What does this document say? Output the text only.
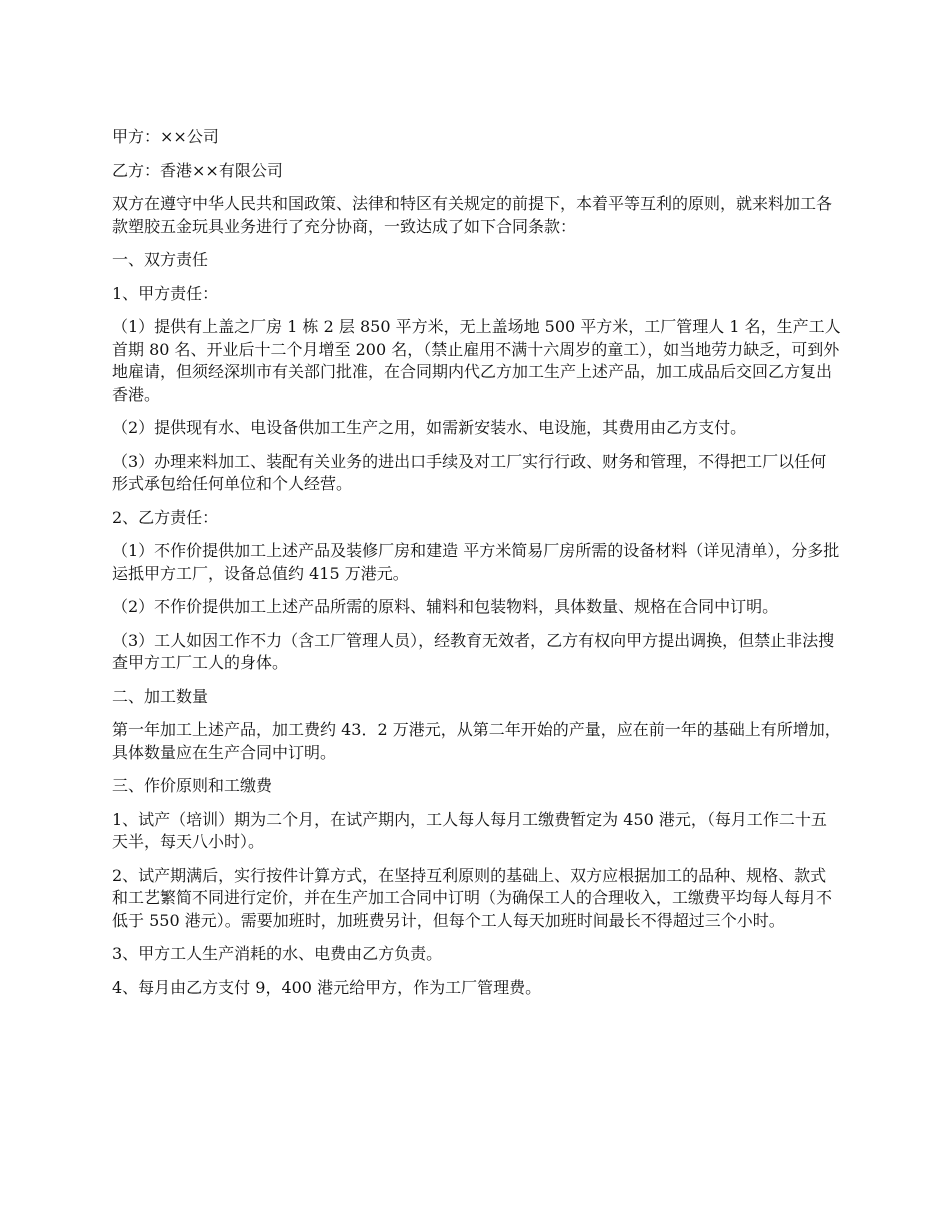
甲方：××公司

乙方：香港××有限公司

双方在遵守中华人民共和国政策、法律和特区有关规定的前提下，本着平等互利的原则，就来料加工各款塑胶五金玩具业务进行了充分协商，一致达成了如下合同条款：

一、双方责任

1、甲方责任：

（1）提供有上盖之厂房 1 栋 2 层 850 平方米，无上盖场地 500 平方米，工厂管理人 1 名，生产工人首期 80 名、开业后十二个月增至 200 名，（禁止雇用不满十六周岁的童工），如当地劳力缺乏，可到外地雇请，但须经深圳市有关部门批准，在合同期内代乙方加工生产上述产品，加工成品后交回乙方复出香港。

（2）提供现有水、电设备供加工生产之用，如需新安装水、电设施，其费用由乙方支付。

（3）办理来料加工、装配有关业务的进出口手续及对工厂实行行政、财务和管理，不得把工厂以任何形式承包给任何单位和个人经营。

2、乙方责任：

（1）不作价提供加工上述产品及装修厂房和建造 平方米简易厂房所需的设备材料（详见清单），分多批运抵甲方工厂，设备总值约 415 万港元。

（2）不作价提供加工上述产品所需的原料、辅料和包装物料，具体数量、规格在合同中订明。

（3）工人如因工作不力（含工厂管理人员），经教育无效者，乙方有权向甲方提出调换，但禁止非法搜查甲方工厂工人的身体。

二、加工数量

第一年加工上述产品，加工费约 43．2 万港元，从第二年开始的产量，应在前一年的基础上有所增加，具体数量应在生产合同中订明。

三、作价原则和工缴费

1、试产（培训）期为二个月，在试产期内，工人每人每月工缴费暂定为 450 港元，（每月工作二十五天半，每天八小时）。

2、试产期满后，实行按件计算方式，在坚持互利原则的基础上、双方应根据加工的品种、规格、款式和工艺繁简不同进行定价，并在生产加工合同中订明（为确保工人的合理收入，工缴费平均每人每月不低于 550 港元）。需要加班时，加班费另计，但每个工人每天加班时间最长不得超过三个小时。

3、甲方工人生产消耗的水、电费由乙方负责。

4、每月由乙方支付 9，400 港元给甲方，作为工厂管理费。
